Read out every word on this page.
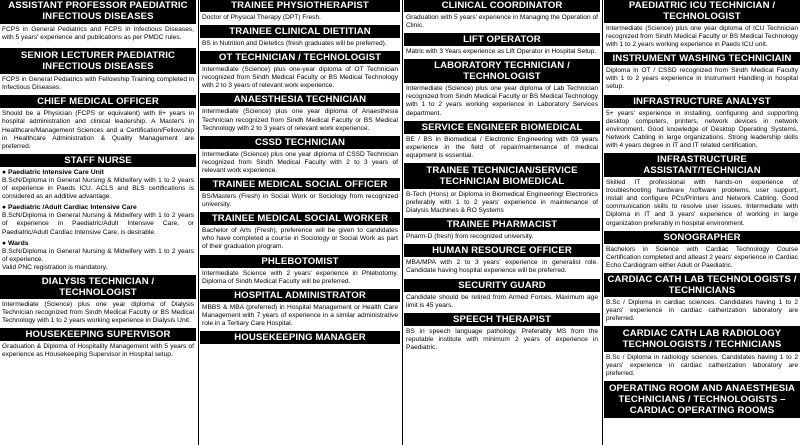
ASSISTANT PROFESSOR PAEDIATRIC INFECTIOUS DISEASES
FCPS in General Pediatrics and FCPS in Infectious Diseases, with 5 years' experience and publications as per PMDC rules.
SENIOR LECTURER PAEDIATRIC INFECTIOUS DISEASES
FCPS in General Pediatrics with Fellowship Training completed in Infectious Diseases.
CHIEF MEDICAL OFFICER
Should be a Physician (FCPS or equivalent) with 8+ years in hospital administration and clinical leadership. A Master's in Healthcare/Management Sciences and a Certification/Fellowship in Healthcare Administration & Quality Management are preferred.
STAFF NURSE
● Paediatric Intensive Care Unit
B.ScN/Diploma in General Nursing & Midwifery with 1 to 2 years of experience in Paeds ICU. ACLS and BLS certifications is considered as an additive advantage.
● Paediatric /Adult Cardiac Intensive Care
B.ScN/Diploma in General Nursing & Midwifery with 1 to 2 years of experience in Paediatric/Adult Intensive Care, or Paediatric/Adult Cardiac Intensive Care, is desirable.
● Wards
B.ScN/Diploma in General Nursing & Midwifery with 1 to 2 years of experience.
Valid PNC registration is mandatory.
DIALYSIS TECHNICIAN / TECHNOLOGIST
Intermediate (Science) plus one year diploma of Dialysis Technician recognized from Sindh Medical Faculty or BS Medical Technology with 1 to 2 years working experience in Dialysis Unit.
HOUSEKEEPING SUPERVISOR
Graduation & Diploma of Hospitality Management with 5 years of experience as Housekeeping Supervisor in Hospital setup.
TRAINEE PHYSIOTHERAPIST
Doctor of Physical Therapy (DPT) Fresh.
TRAINEE CLINICAL DIETITIAN
BS in Nutrition and Dietetics (fresh graduates will be preferred).
OT TECHNICIAN / TECHNOLOGIST
Intermediate (Science) plus one-year diploma of OT Technician recognized from Sindh Medical Faculty or BS Medical Technology with 2 to 3 years of relevant work experience.
ANAESTHESIA TECHNICIAN
Intermediate (Science) plus one year diploma of Anaesthesia Technician recognized from Sindh Medical Faculty or BS Medical Technology with 2 to 3 years of relevant work experience.
CSSD TECHNICIAN
Intermediate (Science) plus one year diploma of CSSD Technician recognized from Sindh Medical Faculty with 2 to 3 years of relevant work experience.
TRAINEE MEDICAL SOCIAL OFFICER
BS/Masters (Fresh) in Social Work or Sociology from recognized university.
TRAINEE MEDICAL SOCIAL WORKER
Bachelor of Arts (Fresh), preference will be given to candidates who have completed a course in Sociology or Social Work as part of their graduation program.
PHLEBOTOMIST
Intermediate Science with 2 years' experience in Phlebotomy. Diploma of Sindh Medical Faculty will be preferred.
HOSPITAL ADMINISTRATOR
MBBS & MBA (preferred) in Hospital Management or Health Care Management with 7 years of experience in a similar administrative role in a Tertiary Care Hospital.
HOUSEKEEPING MANAGER
CLINICAL COORDINATOR
Graduation with 5 years' experience in Managing the Operation of Clinic.
LIFT OPERATOR
Matric with 3 Years experience as Lift Operator in Hospital Setup.
LABORATORY TECHNICIAN / TECHNOLOGIST
Intermediate (Science) plus one year diploma of Lab Technician recognized from Sindh Medical Faculty or BS Medical Technology with 1 to 2 years working experience in Laboratory Services department.
SERVICE ENGINEER BIOMEDICAL
BE / BS in Biomedical / Electronic Engineering with 03 years experience in the field of repair/maintenance of medical equipment is essential.
TRAINEE TECHNICIAN/SERVICE TECHNICIAN BIOMEDICAL
B-Tech (Hons) or Diploma in Biomedical Engineering/ Electronics preferably with 1 to 2 years' experience in maintenance of Dialysis Machines & RO Systems
TRAINEE PHARMACIST
Pharm-D (fresh) from recognized university.
HUMAN RESOURCE OFFICER
MBA/MPA with 2 to 3 years' experience in generalist role. Candidate having hospital experience will be preferred.
SECURITY GUARD
Candidate should be retired from Armed Forces. Maximum age limit is 45 years.
SPEECH THERAPIST
BS in speech language pathology. Preferably MS from the reputable institute with minimum 2 years of experience in Paediatric.
PAEDIATRIC ICU TECHNICIAN / TECHNOLOGIST
Intermediate (Science) plus one year diploma of ICU Technician recognized from Sindh Medical Faculty or BS Medical Technology with 1 to 2 years working experience in Paeds ICU unit.
INSTRUMENT WASHING TECHNICIAIN
Diploma in OT / CSSD recognized from Sindh Medical Faculty with 1 to 2 years experience in Instrument Handling in hospital setup.
INFRASTRUCTURE ANALYST
5+ years' experience in installing, configuring and supporting desktop computers, printers, network devices in network environment. Good knowledge of Desktop Operating Systems, Network Cabling in large organizations. Strong leadership skills with 4 years degree in IT and IT related certification.
INFRASTRUCTURE ASSISTANT/TECHNICIAN
Skilled IT professional with hands-on experience of troubleshooting hardware /software problems, user support, install and configure PCs/Printers and Network Cabling. Good communication skills to resolve user issues. Intermediate with Diploma in IT and 3 years' experience of working in large organization preferably in hospital environment.
SONOGRAPHER
Bachelors in Science with Cardiac Technology Course Certification completed and atleast 2 years' experience in Cardiac Echo Cardiogram either Adult or Paediatric.
CARDIAC CATH LAB TECHNOLOGISTS / TECHNICIANS
B.Sc / Diploma in cardiac sciences. Candidates having 1 to 2 years' experience in cardiac catherization laboratory are preferred.
CARDIAC CATH LAB RADIOLOGY TECHNOLOGISTS / TECHNICIANS
B.Sc / Diploma in radiology sciences. Candidates having 1 to 2 years' experience in cardiac catherization laboratory are preferred.
OPERATING ROOM AND ANAESTHESIA TECHNICIANS / TECHNOLOGISTS – CARDIAC OPERATING ROOMS
